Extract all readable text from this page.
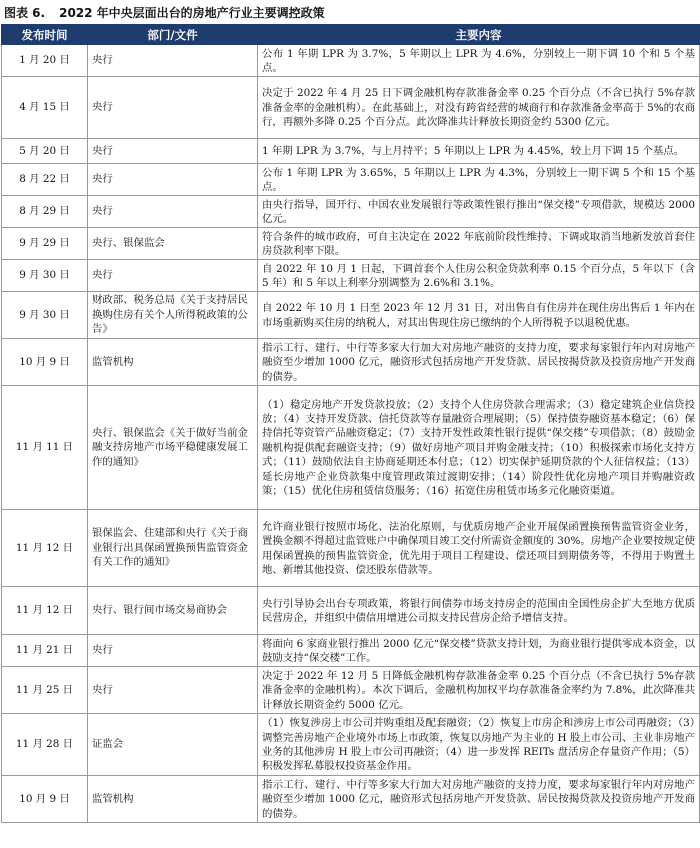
图表 6. 2022 年中央层面出台的房地产行业主要调控政策
发布时间	部门/文件	主要内容
1 月 20 日	央行	公布 1 年期 LPR 为 3.7%，5 年期以上 LPR 为 4.6%，分别较上一期下调 10 个和 5 个基点。
4 月 15 日	央行	决定于 2022 年 4 月 25 日下调金融机构存款准备金率 0.25 个百分点（不含已执行 5%存款准备金率的金融机构）。在此基础上，对没有跨省经营的城商行和存款准备金率高于 5%的农商行，再额外多降 0.25 个百分点。此次降准共计释放长期资金约 5300 亿元。
5 月 20 日	央行	1 年期 LPR 为 3.7%，与上月持平；5 年期以上 LPR 为 4.45%，较上月下调 15 个基点。
8 月 22 日	央行	公布 1 年期 LPR 为 3.65%，5 年期以上 LPR 为 4.3%，分别较上一期下调 5 个和 15 个基点。
8 月 29 日	央行	由央行指导，国开行、中国农业发展银行等政策性银行推出“保交楼”专项借款，规模达 2000 亿元。
9 月 29 日	央行、银保监会	符合条件的城市政府，可自主决定在 2022 年底前阶段性维持、下调或取消当地新发放首套住房贷款利率下限。
9 月 30 日	央行	自 2022 年 10 月 1 日起，下调首套个人住房公积金贷款利率 0.15 个百分点，5 年以下（含 5 年）和 5 年以上利率分别调整为 2.6%和 3.1%。
9 月 30 日	财政部、税务总局《关于支持居民换购住房有关个人所得税政策的公告》	自 2022 年 10 月 1 日至 2023 年 12 月 31 日，对出售自有住房并在现住房出售后 1 年内在市场重新购买住房的纳税人，对其出售现住房已缴纳的个人所得税予以退税优惠。
10 月 9 日	监管机构	指示工行、建行、中行等多家大行加大对房地产融资的支持力度，要求每家银行年内对房地产融资至少增加 1000 亿元，融资形式包括房地产开发贷款、居民按揭贷款及投资房地产开发商的债券。
11 月 11 日	央行、银保监会《关于做好当前金融支持房地产市场平稳健康发展工作的通知》	（1）稳定房地产开发贷款投放；（2）支持个人住房贷款合理需求；（3）稳定建筑企业信贷投放；（4）支持开发贷款、信托贷款等存量融资合理展期；（5）保持债券融资基本稳定；（6）保持信托等资管产品融资稳定；（7）支持开发性政策性银行提供“保交楼”专项借款；（8）鼓励金融机构提供配套融资支持；（9）做好房地产项目并购金融支持；（10）积极探索市场化支持方式；（11）鼓励依法自主协商延期还本付息；（12）切实保护延期贷款的个人征信权益；（13）延长房地产企业贷款集中度管理政策过渡期安排；（14）阶段性优化房地产项目并购融资政策；（15）优化住房租赁信贷服务；（16）拓宽住房租赁市场多元化融资渠道。
11 月 12 日	银保监会、住建部和央行《关于商业银行出具保函置换预售监管资金有关工作的通知》	允许商业银行按照市场化、法治化原则，与优质房地产企业开展保函置换预售监管资金业务，置换金额不得超过监管账户中确保项目竣工交付所需资金额度的 30%。房地产企业要按规定使用保函置换的预售监管资金，优先用于项目工程建设、偿还项目到期债务等，不得用于购置土地、新增其他投资、偿还股东借款等。
11 月 12 日	央行、银行间市场交易商协会	央行引导协会出台专项政策，将银行间债券市场支持房企的范围由全国性房企扩大至地方优质民营房企，并组织中债信用增进公司拟支持民营房企给予增信支持。
11 月 21 日	央行	将面向 6 家商业银行推出 2000 亿元“保交楼”贷款支持计划，为商业银行提供零成本资金，以鼓励支持“保交楼”工作。
11 月 25 日	央行	决定于 2022 年 12 月 5 日降低金融机构存款准备金率 0.25 个百分点（不含已执行 5%存款准备金率的金融机构）。本次下调后，金融机构加权平均存款准备金率约为 7.8%，此次降准共计释放长期资金约 5000 亿元。
11 月 28 日	证监会	（1）恢复涉房上市公司并购重组及配套融资；（2）恢复上市房企和涉房上市公司再融资；（3）调整完善房地产企业境外市场上市政策，恢复以房地产为主业的 H 股上市公司、主业非房地产业务的其他涉房 H 股上市公司再融资；（4）进一步发挥 REITs 盘活房企存量资产作用；（5）积极发挥私募股权投资基金作用。
10 月 9 日	监管机构	指示工行、建行、中行等多家大行加大对房地产融资的支持力度，要求每家银行年内对房地产融资至少增加 1000 亿元，融资形式包括房地产开发贷款、居民按揭贷款及投资房地产开发商的债券。
